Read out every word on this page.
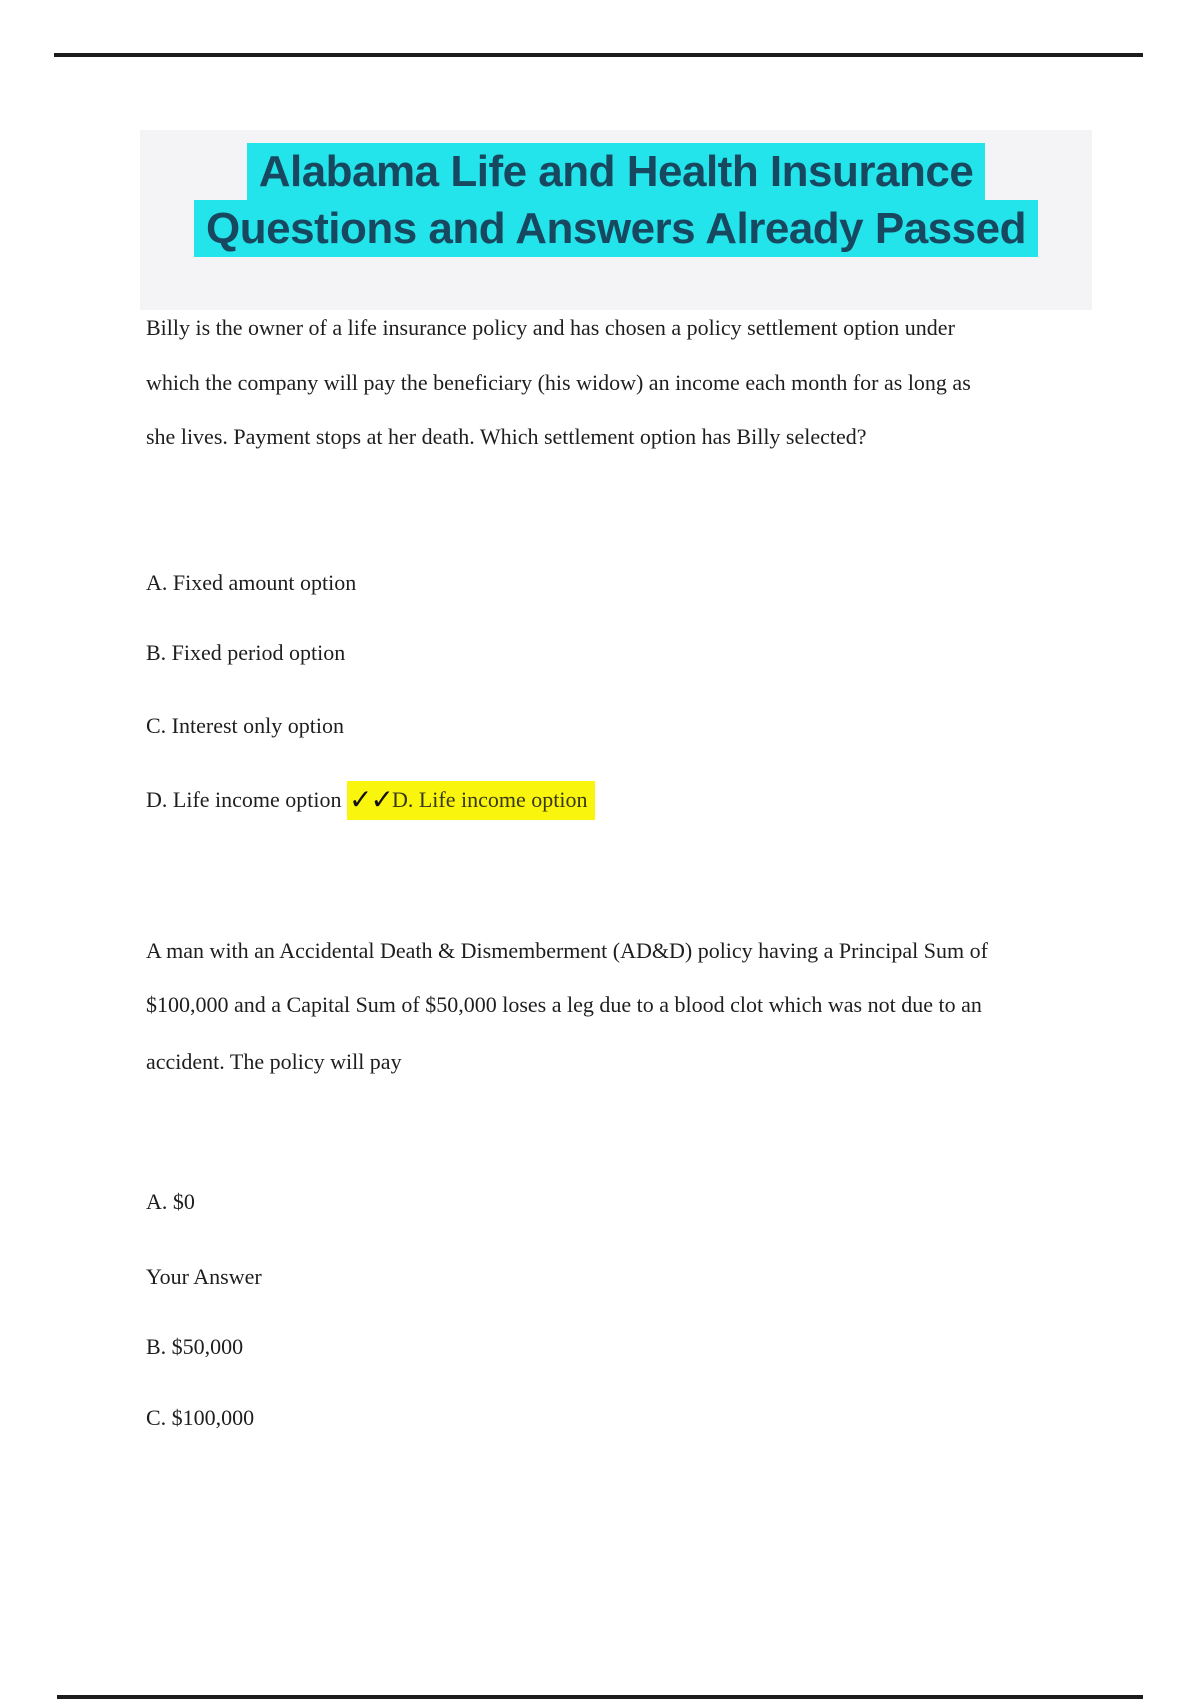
Alabama Life and Health Insurance
Questions and Answers Already Passed
Billy is the owner of a life insurance policy and has chosen a policy settlement option under
which the company will pay the beneficiary (his widow) an income each month for as long as
she lives. Payment stops at her death. Which settlement option has Billy selected?
A. Fixed amount option
B. Fixed period option
C. Interest only option
D. Life income option ✓✓D. Life income option
A man with an Accidental Death & Dismemberment (AD&D) policy having a Principal Sum of
$100,000 and a Capital Sum of $50,000 loses a leg due to a blood clot which was not due to an
accident. The policy will pay
A. $0
Your Answer
B. $50,000
C. $100,000
